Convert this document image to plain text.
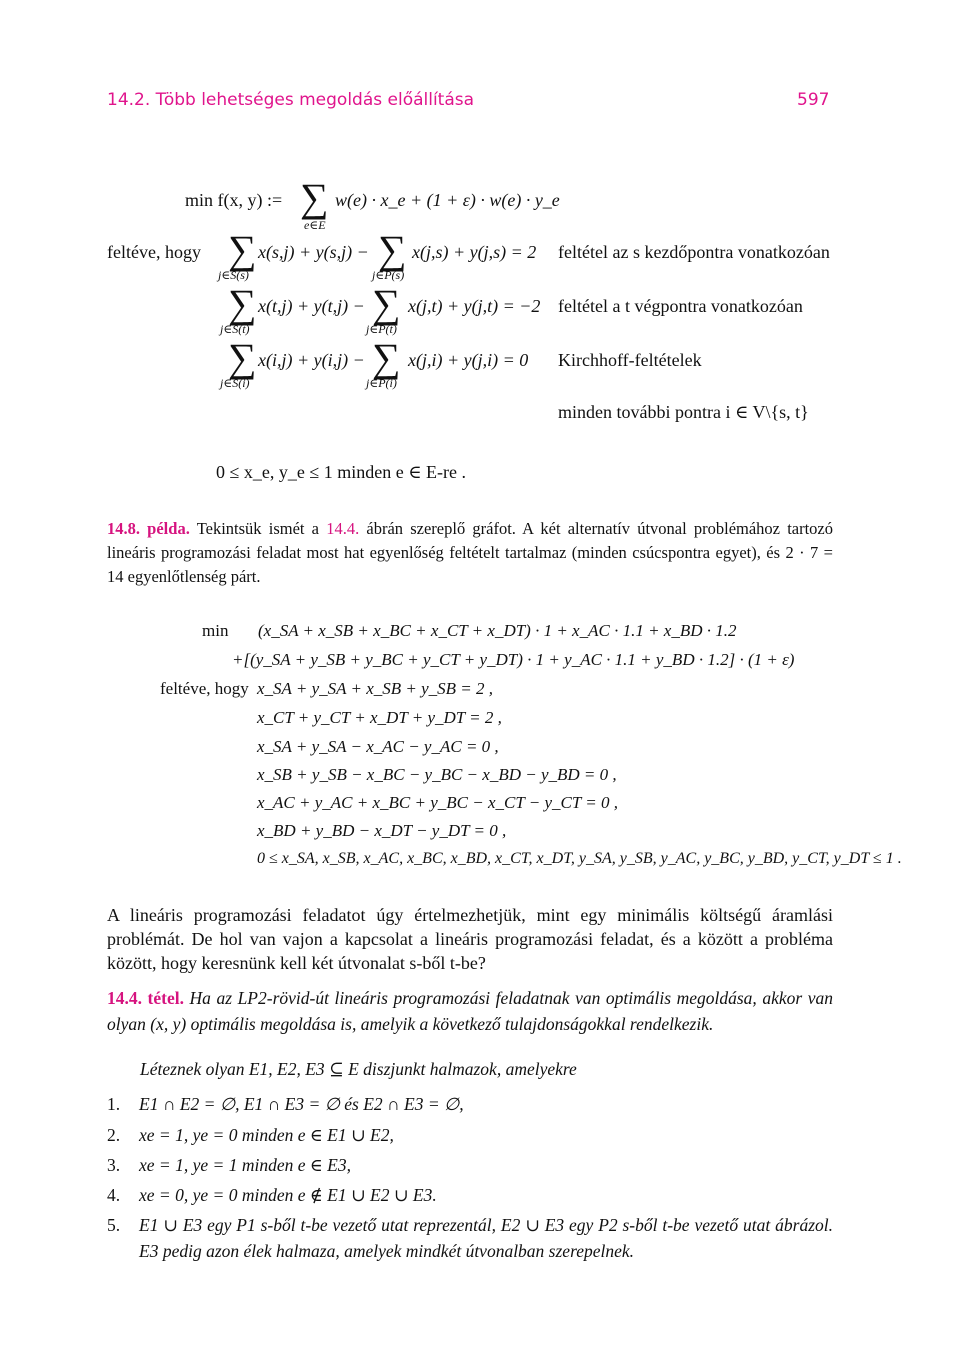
14.2. Több lehetséges megoldás előállítása	597
min f(x, y) := ∑
e∈E
w(e) · x_e + (1 + ε) · w(e) · y_e
feltéve, hogy ∑
j∈S(s)
x(s,j) + y(s,j) − ∑
j∈P(s)
x(j,s) + y(j,s) = 2 feltétel az s kezdőpontra vonatkozóan
∑
j∈S(t)
x(t,j) + y(t,j) − ∑
j∈P(t)
x(j,t) + y(j,t) = −2 feltétel a t végpontra vonatkozóan
∑
j∈S(i)
x(i,j) + y(i,j) − ∑
j∈P(i)
x(j,i) + y(j,i) = 0 Kirchhoff-feltételek
minden további pontra i ∈ V\{s, t}
0 ≤ x_e, y_e ≤ 1 minden e ∈ E-re .

14.8. példa. Tekintsük ismét a 14.4. ábrán szereplő gráfot. A két alternatív útvonal problémához tartozó lineáris programozási feladat most hat egyenlőség feltételt tartalmaz (minden csúcspontra egyet), és 2 · 7 = 14 egyenlőtlenség párt.

min (x_SA + x_SB + x_BC + x_CT + x_DT) · 1 + x_AC · 1.1 + x_BD · 1.2
+[(y_SA + y_SB + y_BC + y_CT + y_DT) · 1 + y_AC · 1.1 + y_BD · 1.2] · (1 + ε)
feltéve, hogy x_SA + y_SA + x_SB + y_SB = 2 ,
x_CT + y_CT + x_DT + y_DT = 2 ,
x_SA + y_SA − x_AC − y_AC = 0 ,
x_SB + y_SB − x_BC − y_BC − x_BD − y_BD = 0 ,
x_AC + y_AC + x_BC + y_BC − x_CT − y_CT = 0 ,
x_BD + y_BD − x_DT − y_DT = 0 ,
0 ≤ x_SA, x_SB, x_AC, x_BC, x_BD, x_CT, x_DT, y_SA, y_SB, y_AC, y_BC, y_BD, y_CT, y_DT ≤ 1 .

A lineáris programozási feladatot úgy értelmezhetjük, mint egy minimális költségű áramlási problémát. De hol van vajon a kapcsolat a lineáris programozási feladat, és a között a probléma között, hogy keresnünk kell két útvonalat s-ből t-be?

14.4. tétel. Ha az LP2-rövid-út lineáris programozási feladatnak van optimális megoldása, akkor van olyan (x, y) optimális megoldása is, amelyik a következő tulajdonságokkal rendelkezik.

Léteznek olyan E1, E2, E3 ⊆ E diszjunkt halmazok, amelyekre

1. E1 ∩ E2 = ∅, E1 ∩ E3 = ∅ és E2 ∩ E3 = ∅,
2. xe = 1, ye = 0 minden e ∈ E1 ∪ E2,
3. xe = 1, ye = 1 minden e ∈ E3,
4. xe = 0, ye = 0 minden e ∉ E1 ∪ E2 ∪ E3.
5. E1 ∪ E3 egy P1 s-ből t-be vezető utat reprezentál, E2 ∪ E3 egy P2 s-ből t-be vezető utat ábrázol. E3 pedig azon élek halmaza, amelyek mindkét útvonalban szerepelnek.
